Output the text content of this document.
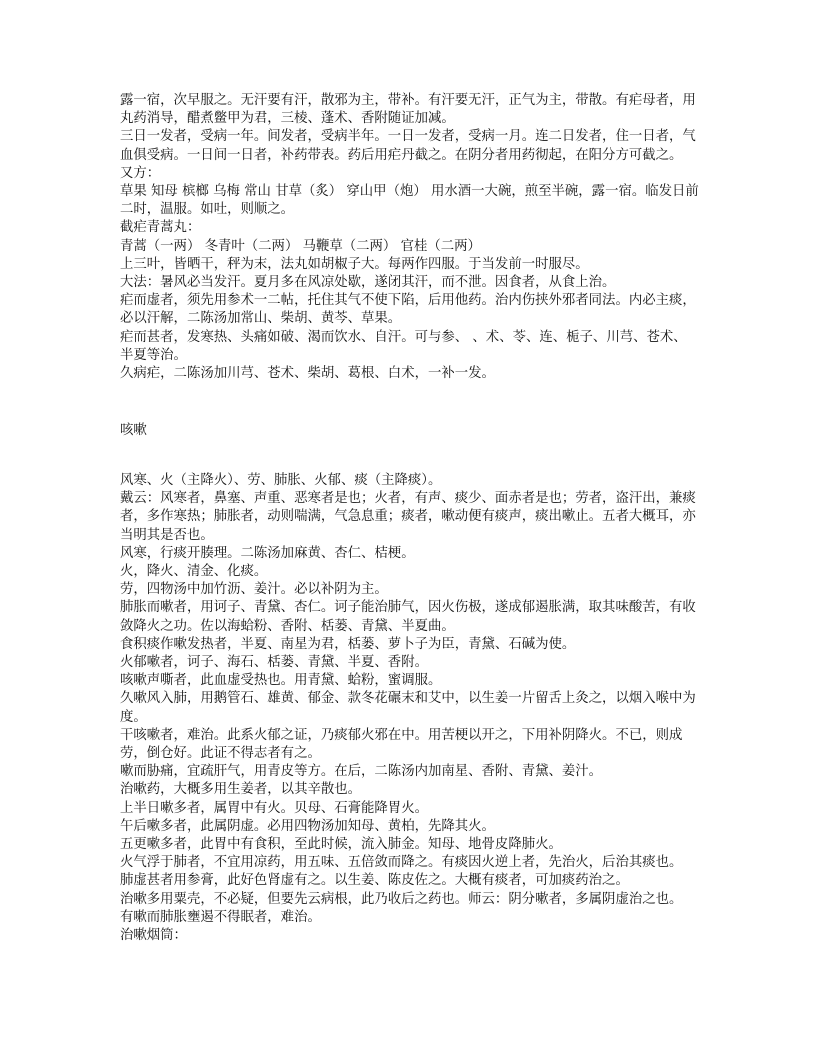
露一宿，次早服之。无汗要有汗，散邪为主，带补。有汗要无汗，正气为主，带散。有疟母者，用丸药消导，醋煮鳖甲为君，三棱、蓬术、香附随证加减。

三日一发者，受病一年。间发者，受病半年。一日一发者，受病一月。连二日发者，住一日者，气血俱受病。一日间一日者，补药带表。药后用疟丹截之。在阴分者用药彻起，在阳分方可截之。

又方：

草果 知母 槟榔 乌梅 常山 甘草（炙） 穿山甲（炮） 用水酒一大碗，煎至半碗，露一宿。临发日前二时，温服。如吐，则顺之。

截疟青蒿丸：

青蒿（一两） 冬青叶（二两） 马鞭草（二两） 官桂（二两）

上三叶，皆晒干，秤为末，法丸如胡椒子大。每两作四服。于当发前一时服尽。

大法：暑风必当发汗。夏月多在风凉处歇，遂闭其汗，而不泄。因食者，从食上治。

疟而虚者，须先用参术一二帖，托住其气不使下陷，后用他药。治内伤挟外邪者同法。内必主痰，必以汗解，二陈汤加常山、柴胡、黄芩、草果。

疟而甚者，发寒热、头痛如破、渴而饮水、自汗。可与参、 、术、苓、连、栀子、川芎、苍术、半夏等治。

久病疟，二陈汤加川芎、苍术、柴胡、葛根、白术，一补一发。

咳嗽

风寒、火（主降火）、劳、肺胀、火郁、痰（主降痰）。

戴云：风寒者，鼻塞、声重、恶寒者是也；火者，有声、痰少、面赤者是也；劳者，盗汗出，兼痰者，多作寒热；肺胀者，动则喘满，气急息重；痰者，嗽动便有痰声，痰出嗽止。五者大概耳，亦当明其是否也。

风寒，行痰开腠理。二陈汤加麻黄、杏仁、桔梗。

火，降火、清金、化痰。

劳，四物汤中加竹沥、姜汁。必以补阴为主。

肺胀而嗽者，用诃子、青黛、杏仁。诃子能治肺气，因火伤极，遂成郁遏胀满，取其味酸苦，有收敛降火之功。佐以海蛤粉、香附、栝蒌、青黛、半夏曲。

食积痰作嗽发热者，半夏、南星为君，栝蒌、萝卜子为臣，青黛、石碱为使。

火郁嗽者，诃子、海石、栝蒌、青黛、半夏、香附。

咳嗽声嘶者，此血虚受热也。用青黛、蛤粉，蜜调服。

久嗽风入肺，用鹅管石、雄黄、郁金、款冬花碾末和艾中，以生姜一片留舌上灸之，以烟入喉中为度。

干咳嗽者，难治。此系火郁之证，乃痰郁火邪在中。用苦梗以开之，下用补阴降火。不已，则成劳，倒仓好。此证不得志者有之。

嗽而胁痛，宜疏肝气，用青皮等方。在后，二陈汤内加南星、香附、青黛、姜汁。

治嗽药，大概多用生姜者，以其辛散也。

上半日嗽多者，属胃中有火。贝母、石膏能降胃火。

午后嗽多者，此属阴虚。必用四物汤加知母、黄柏，先降其火。

五更嗽多者，此胃中有食积，至此时候，流入肺金。知母、地骨皮降肺火。

火气浮于肺者，不宜用凉药，用五味、五倍敛而降之。有痰因火逆上者，先治火，后治其痰也。

肺虚甚者用参膏，此好色肾虚有之。以生姜、陈皮佐之。大概有痰者，可加痰药治之。

治嗽多用粟壳，不必疑，但要先云病根，此乃收后之药也。师云：阴分嗽者，多属阴虚治之也。

有嗽而肺胀壅遏不得眠者，难治。

治嗽烟筒：
